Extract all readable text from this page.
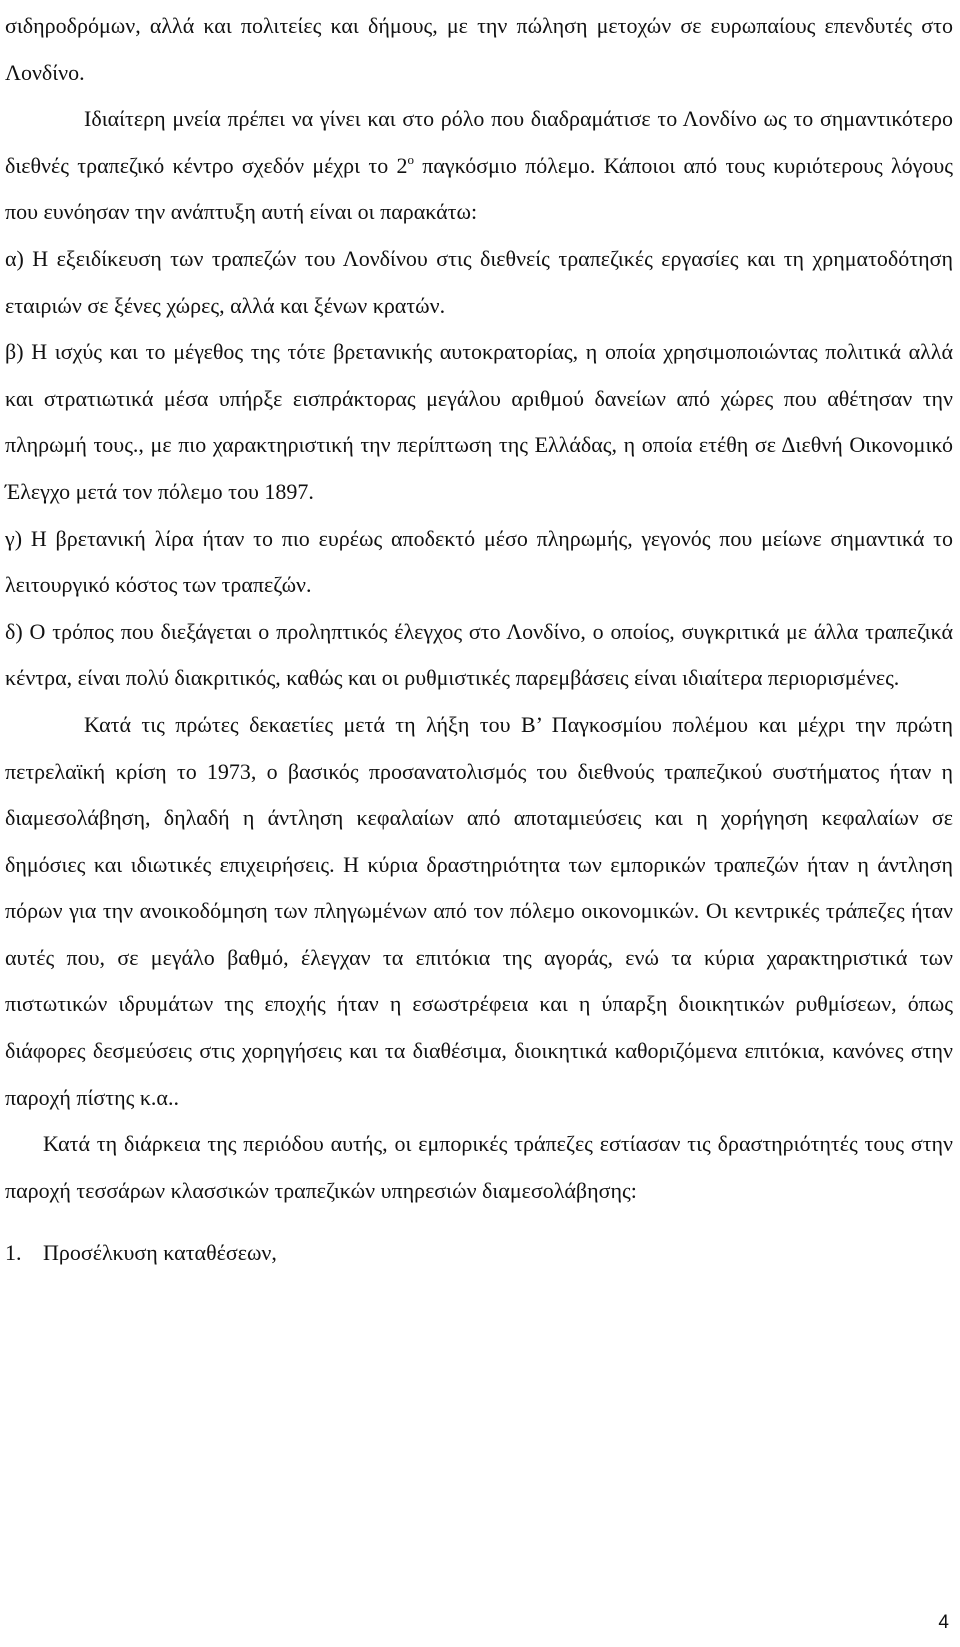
σιδηροδρόμων, αλλά και πολιτείες και δήμους, με την πώληση μετοχών σε ευρωπαίους επενδυτές στο Λονδίνο.

Ιδιαίτερη μνεία πρέπει να γίνει και στο ρόλο που διαδραμάτισε το Λονδίνο ως το σημαντικότερο διεθνές τραπεζικό κέντρο σχεδόν μέχρι το $2^o$ παγκόσμιο πόλεμο. Κάποιοι από τους κυριότερους λόγους που ευνόησαν την ανάπτυξη αυτή είναι οι παρακάτω:

α) Η εξειδίκευση των τραπεζών του Λονδίνου στις διεθνείς τραπεζικές εργασίες και τη χρηματοδότηση εταιριών σε ξένες χώρες, αλλά και ξένων κρατών.

β) Η ισχύς και το μέγεθος της τότε βρετανικής αυτοκρατορίας, η οποία χρησιμοποιώντας πολιτικά αλλά και στρατιωτικά μέσα υπήρξε εισπράκτορας μεγάλου αριθμού δανείων από χώρες που αθέτησαν την πληρωμή τους., με πιο χαρακτηριστική την περίπτωση της Ελλάδας, η οποία ετέθη σε Διεθνή Οικονομικό Έλεγχο μετά τον πόλεμο του 1897.

γ) Η βρετανική λίρα ήταν το πιο ευρέως αποδεκτό μέσο πληρωμής, γεγονός που μείωνε σημαντικά το λειτουργικό κόστος των τραπεζών.

δ) Ο τρόπος που διεξάγεται ο προληπτικός έλεγχος στο Λονδίνο, ο οποίος, συγκριτικά με άλλα τραπεζικά κέντρα, είναι πολύ διακριτικός, καθώς και οι ρυθμιστικές παρεμβάσεις είναι ιδιαίτερα περιορισμένες.

Κατά τις πρώτες δεκαετίες μετά τη λήξη του Β’ Παγκοσμίου πολέμου και μέχρι την πρώτη πετρελαϊκή κρίση το 1973, ο βασικός προσανατολισμός του διεθνούς τραπεζικού συστήματος ήταν η διαμεσολάβηση, δηλαδή η άντληση κεφαλαίων από αποταμιεύσεις και η χορήγηση κεφαλαίων σε δημόσιες και ιδιωτικές επιχειρήσεις. Η κύρια δραστηριότητα των εμπορικών τραπεζών ήταν η άντληση πόρων για την ανοικοδόμηση των πληγωμένων από τον πόλεμο οικονομικών. Οι κεντρικές τράπεζες ήταν αυτές που, σε μεγάλο βαθμό, έλεγχαν τα επιτόκια της αγοράς, ενώ τα κύρια χαρακτηριστικά των πιστωτικών ιδρυμάτων της εποχής ήταν η εσωστρέφεια και η ύπαρξη διοικητικών ρυθμίσεων, όπως διάφορες δεσμεύσεις στις χορηγήσεις και τα διαθέσιμα, διοικητικά καθοριζόμενα επιτόκια, κανόνες στην παροχή πίστης κ.α..

Κατά τη διάρκεια της περιόδου αυτής, οι εμπορικές τράπεζες εστίασαν τις δραστηριότητές τους στην παροχή τεσσάρων κλασσικών τραπεζικών υπηρεσιών διαμεσολάβησης:

1. Προσέλκυση καταθέσεων,

4
